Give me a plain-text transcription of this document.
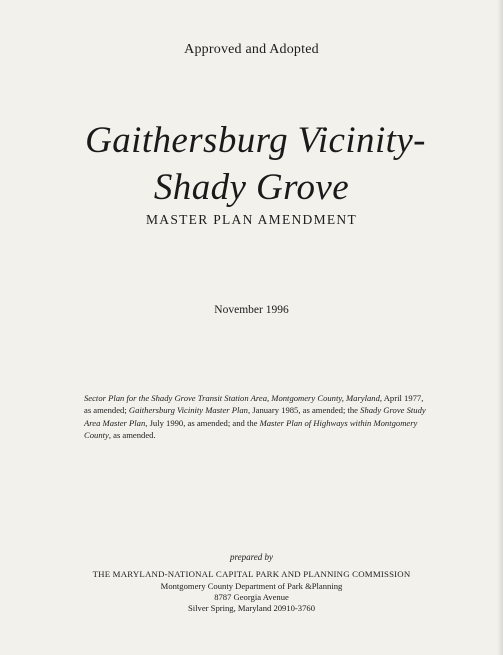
Approved and Adopted
Gaithersburg Vicinity-
Shady Grove
MASTER PLAN AMENDMENT
November 1996
Sector Plan for the Shady Grove Transit Station Area, Montgomery County, Maryland, April 1977, as amended; Gaithersburg Vicinity Master Plan, January 1985, as amended; the Shady Grove Study Area Master Plan, July 1990, as amended; and the Master Plan of Highways within Montgomery County, as amended.
prepared by
THE MARYLAND-NATIONAL CAPITAL PARK AND PLANNING COMMISSION
Montgomery County Department of Park &Planning
8787 Georgia Avenue
Silver Spring, Maryland 20910-3760
